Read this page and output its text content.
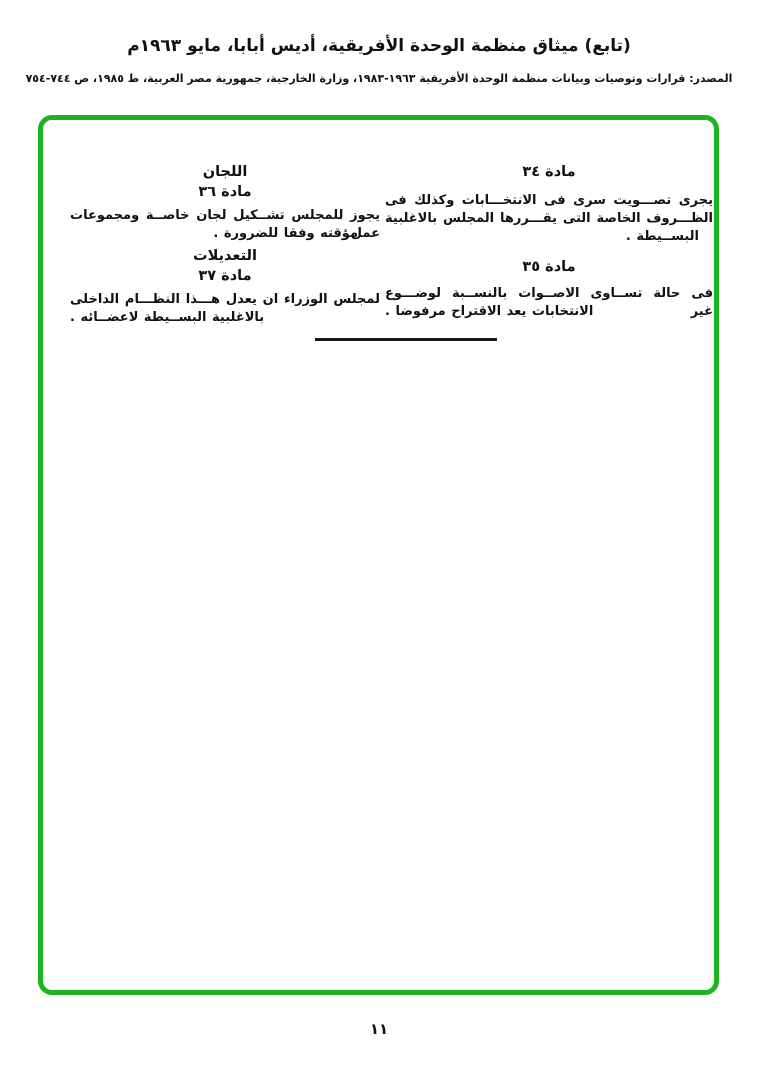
(تابع) ميثاق منظمة الوحدة الأفريقية، أديس أبابا، مايو ١٩٦٣م
المصدر: قرارات وتوصيات وبيانات منظمة الوحدة الأفريقية ١٩٦٣-١٩٨٣، وزارة الخارجية، جمهورية مصر العربية، ط ١٩٨٥، ص ٧٤٤-٧٥٤
مادة ٣٤
يجرى تصـــويت سرى فى الانتخـــابات وكذلك فى
الظـــروف الخاصة التى يقـــررها المجلس بالاغلبية
البســيطة .
مادة ٣٥
فى حالة تســاوى الاصــوات بالنســبة لوضـــوع غير
الانتخابات يعد الاقتراح مرفوضا .
اللجان
مادة ٣٦
يجوز للمجلس تشــكيل لجان خاصــة ومجموعات عمل
مؤقته وفقا للضرورة .
التعديلات
مادة ٣٧
لمجلس الوزراء ان يعدل هـــذا النظـــام الداخلى
بالاغلبية البســيطة لاعضــائه .
١١
